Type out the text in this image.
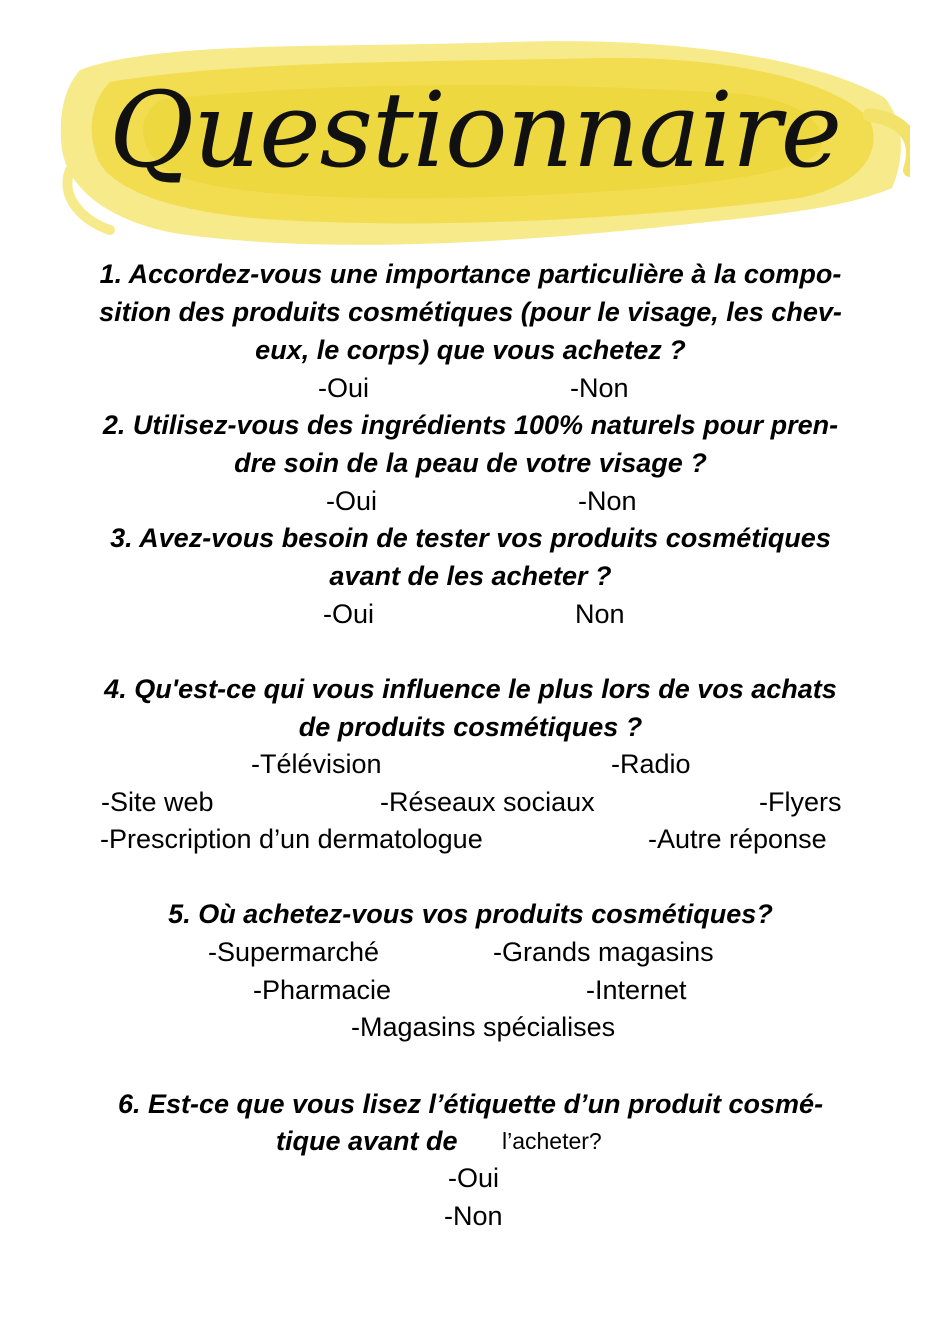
Questionnaire
1. Accordez-vous une importance particulière à la compo-
sition des produits cosmétiques (pour le visage, les chev-
eux, le corps) que vous achetez ?
-Oui	-Non
2. Utilisez-vous des ingrédients 100% naturels pour pren-
dre soin de la peau de votre visage ?
-Oui	-Non
3. Avez-vous besoin de tester vos produits cosmétiques
avant de les acheter ?
-Oui	Non
4. Qu'est-ce qui vous influence le plus lors de vos achats
de produits cosmétiques ?
-Télévision	-Radio
-Site web	-Réseaux sociaux	-Flyers
-Prescription d’un dermatologue	-Autre réponse
5. Où achetez-vous vos produits cosmétiques?
-Supermarché	-Grands magasins
-Pharmacie	-Internet
-Magasins spécialises
6. Est-ce que vous lisez l’étiquette d’un produit cosmé-
tique avant de l’acheter?
-Oui
-Non
